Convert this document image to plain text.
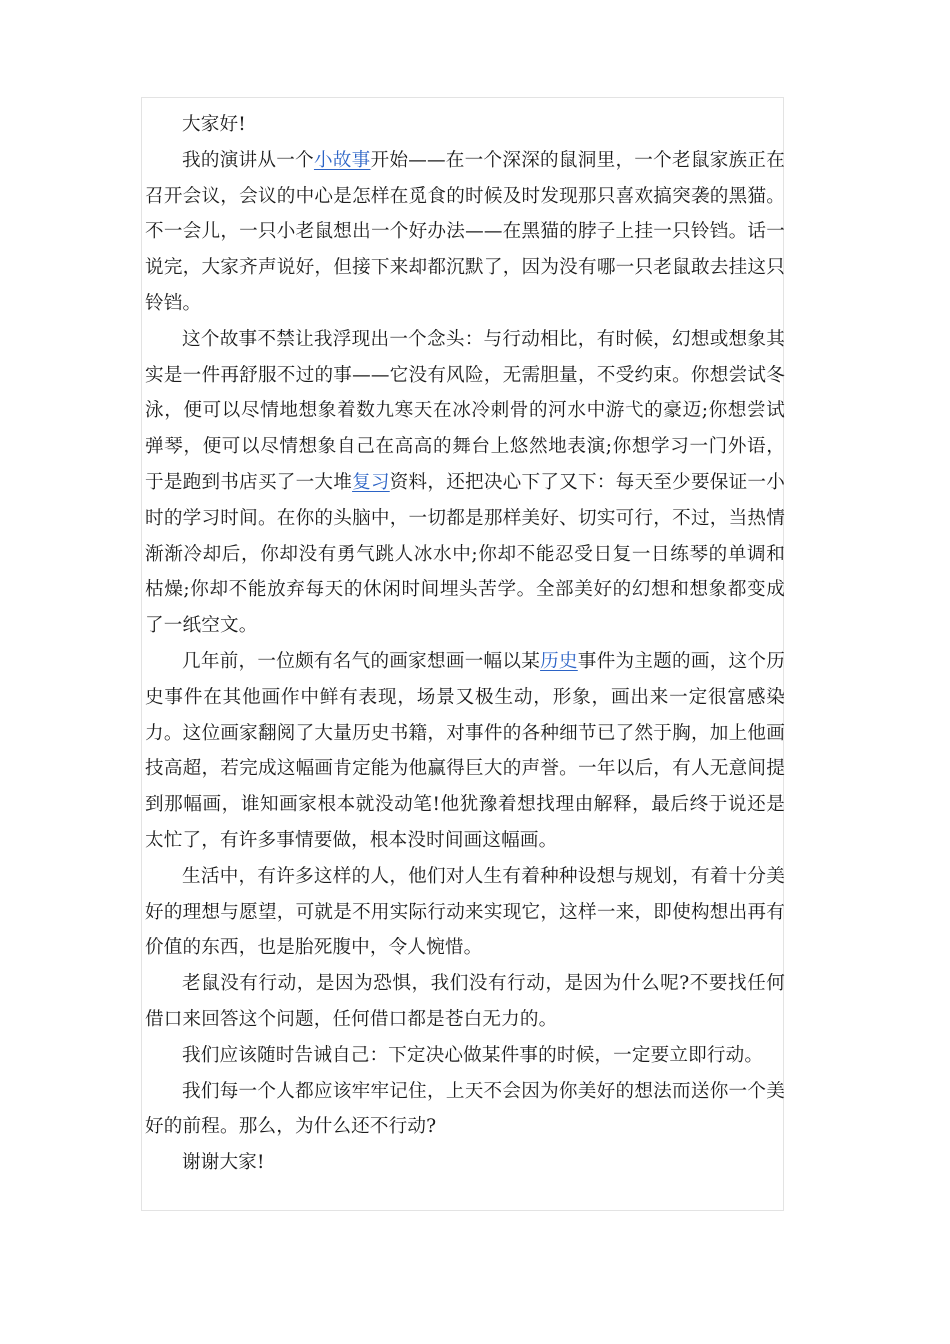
大家好!

我的演讲从一个小故事开始——在一个深深的鼠洞里，一个老鼠家族正在召开会议，会议的中心是怎样在觅食的时候及时发现那只喜欢搞突袭的黑猫。不一会儿，一只小老鼠想出一个好办法——在黑猫的脖子上挂一只铃铛。话一说完，大家齐声说好，但接下来却都沉默了，因为没有哪一只老鼠敢去挂这只铃铛。

这个故事不禁让我浮现出一个念头：与行动相比，有时候，幻想或想象其实是一件再舒服不过的事——它没有风险，无需胆量，不受约束。你想尝试冬泳，便可以尽情地想象着数九寒天在冰冷刺骨的河水中游弋的豪迈;你想尝试弹琴，便可以尽情想象自己在高高的舞台上悠然地表演;你想学习一门外语，于是跑到书店买了一大堆复习资料，还把决心下了又下：每天至少要保证一小时的学习时间。在你的头脑中，一切都是那样美好、切实可行，不过，当热情渐渐冷却后，你却没有勇气跳人冰水中;你却不能忍受日复一日练琴的单调和枯燥;你却不能放弃每天的休闲时间埋头苦学。全部美好的幻想和想象都变成了一纸空文。

几年前，一位颇有名气的画家想画一幅以某历史事件为主题的画，这个历史事件在其他画作中鲜有表现，场景又极生动，形象，画出来一定很富感染力。这位画家翻阅了大量历史书籍，对事件的各种细节已了然于胸，加上他画技高超，若完成这幅画肯定能为他赢得巨大的声誉。一年以后，有人无意间提到那幅画，谁知画家根本就没动笔!他犹豫着想找理由解释，最后终于说还是太忙了，有许多事情要做，根本没时间画这幅画。

生活中，有许多这样的人，他们对人生有着种种设想与规划，有着十分美好的理想与愿望，可就是不用实际行动来实现它，这样一来，即使构想出再有价值的东西，也是胎死腹中，令人惋惜。

老鼠没有行动，是因为恐惧，我们没有行动，是因为什么呢?不要找任何借口来回答这个问题，任何借口都是苍白无力的。

我们应该随时告诫自己：下定决心做某件事的时候，一定要立即行动。

我们每一个人都应该牢牢记住，上天不会因为你美好的想法而送你一个美好的前程。那么，为什么还不行动?

谢谢大家!
